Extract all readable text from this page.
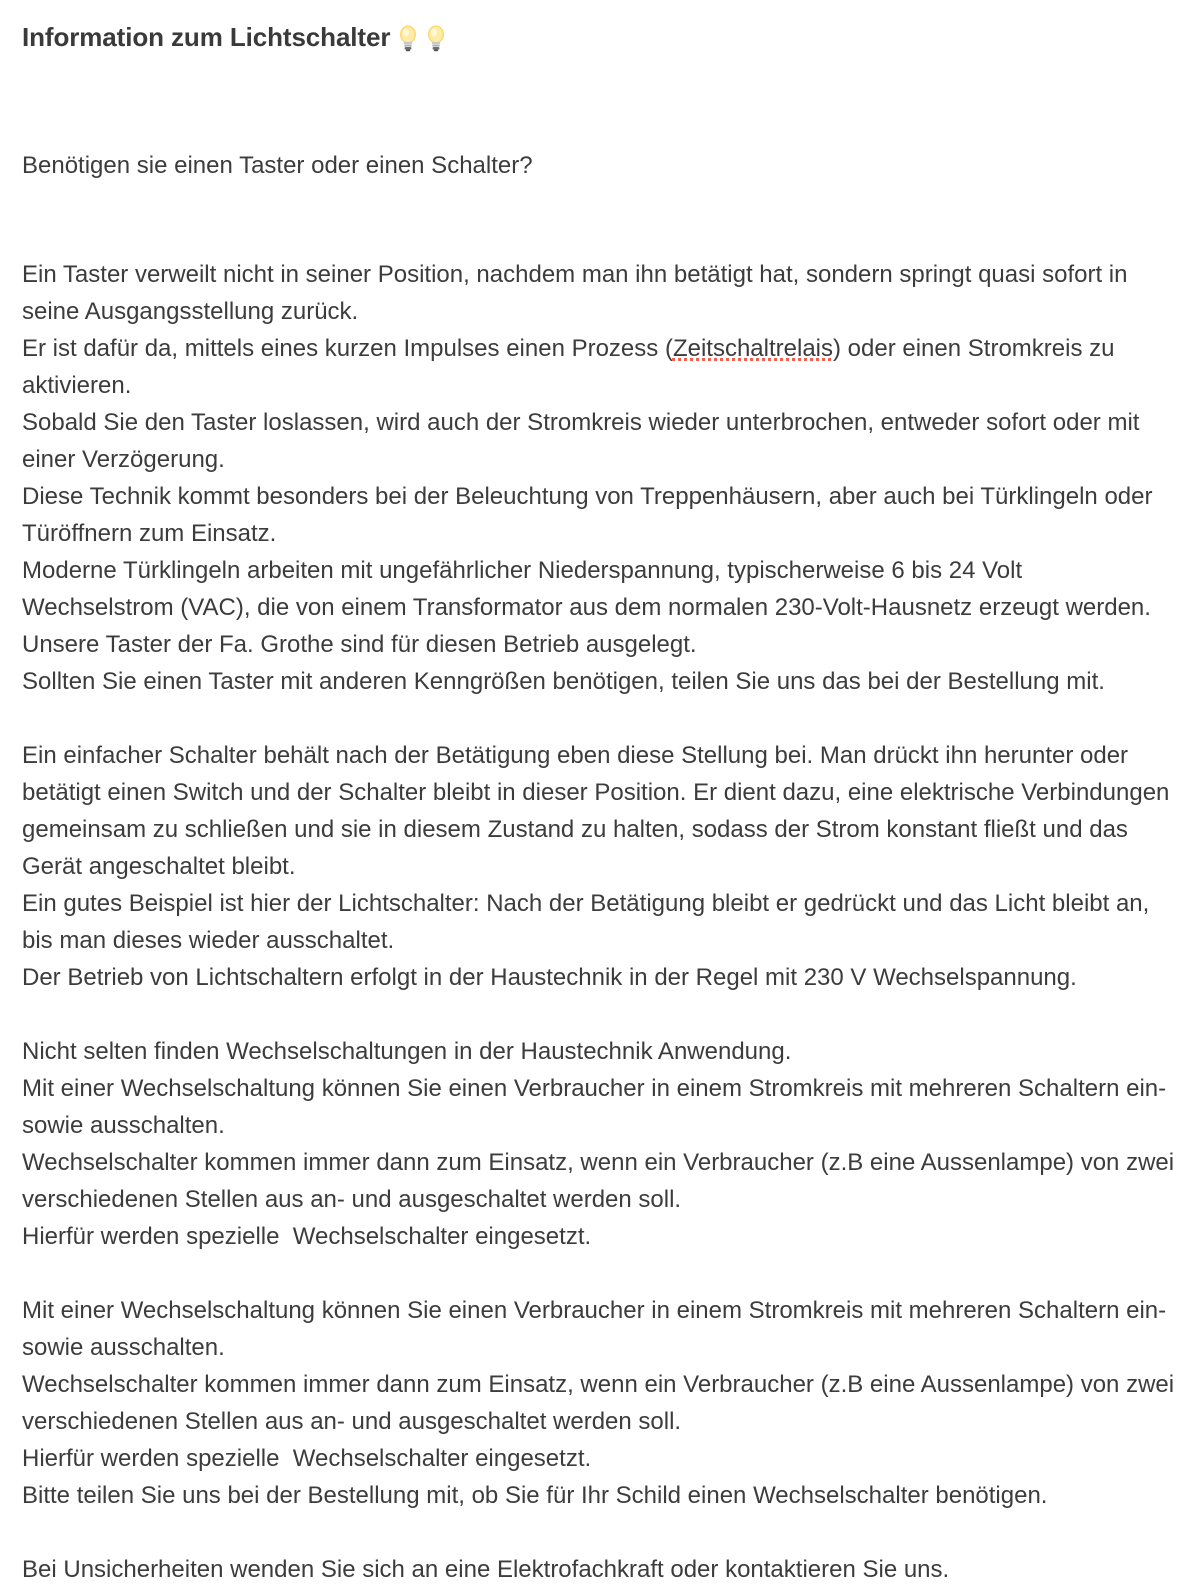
Information zum Lichtschalter

Benötigen sie einen Taster oder einen Schalter?

Ein Taster verweilt nicht in seiner Position, nachdem man ihn betätigt hat, sondern springt quasi sofort in seine Ausgangsstellung zurück.
Er ist dafür da, mittels eines kurzen Impulses einen Prozess (Zeitschaltrelais) oder einen Stromkreis zu aktivieren.
Sobald Sie den Taster loslassen, wird auch der Stromkreis wieder unterbrochen, entweder sofort oder mit einer Verzögerung.
Diese Technik kommt besonders bei der Beleuchtung von Treppenhäusern, aber auch bei Türklingeln oder Türöffnern zum Einsatz.
Moderne Türklingeln arbeiten mit ungefährlicher Niederspannung, typischerweise 6 bis 24 Volt Wechselstrom (VAC), die von einem Transformator aus dem normalen 230-Volt-Hausnetz erzeugt werden.
Unsere Taster der Fa. Grothe sind für diesen Betrieb ausgelegt.
Sollten Sie einen Taster mit anderen Kenngrößen benötigen, teilen Sie uns das bei der Bestellung mit.
Ein einfacher Schalter behält nach der Betätigung eben diese Stellung bei. Man drückt ihn herunter oder betätigt einen Switch und der Schalter bleibt in dieser Position. Er dient dazu, eine elektrische Verbindungen gemeinsam zu schließen und sie in diesem Zustand zu halten, sodass der Strom konstant fließt und das Gerät angeschaltet bleibt.
Ein gutes Beispiel ist hier der Lichtschalter: Nach der Betätigung bleibt er gedrückt und das Licht bleibt an, bis man dieses wieder ausschaltet.
Der Betrieb von Lichtschaltern erfolgt in der Haustechnik in der Regel mit 230 V Wechselspannung.
Nicht selten finden Wechselschaltungen in der Haustechnik Anwendung.
Mit einer Wechselschaltung können Sie einen Verbraucher in einem Stromkreis mit mehreren Schaltern ein- sowie ausschalten.
Wechselschalter kommen immer dann zum Einsatz, wenn ein Verbraucher (z.B eine Aussenlampe) von zwei verschiedenen Stellen aus an- und ausgeschaltet werden soll.
Hierfür werden spezielle  Wechselschalter eingesetzt.
Mit einer Wechselschaltung können Sie einen Verbraucher in einem Stromkreis mit mehreren Schaltern ein- sowie ausschalten.
Wechselschalter kommen immer dann zum Einsatz, wenn ein Verbraucher (z.B eine Aussenlampe) von zwei verschiedenen Stellen aus an- und ausgeschaltet werden soll.
Hierfür werden spezielle  Wechselschalter eingesetzt.
Bitte teilen Sie uns bei der Bestellung mit, ob Sie für Ihr Schild einen Wechselschalter benötigen.
Bei Unsicherheiten wenden Sie sich an eine Elektrofachkraft oder kontaktieren Sie uns.
